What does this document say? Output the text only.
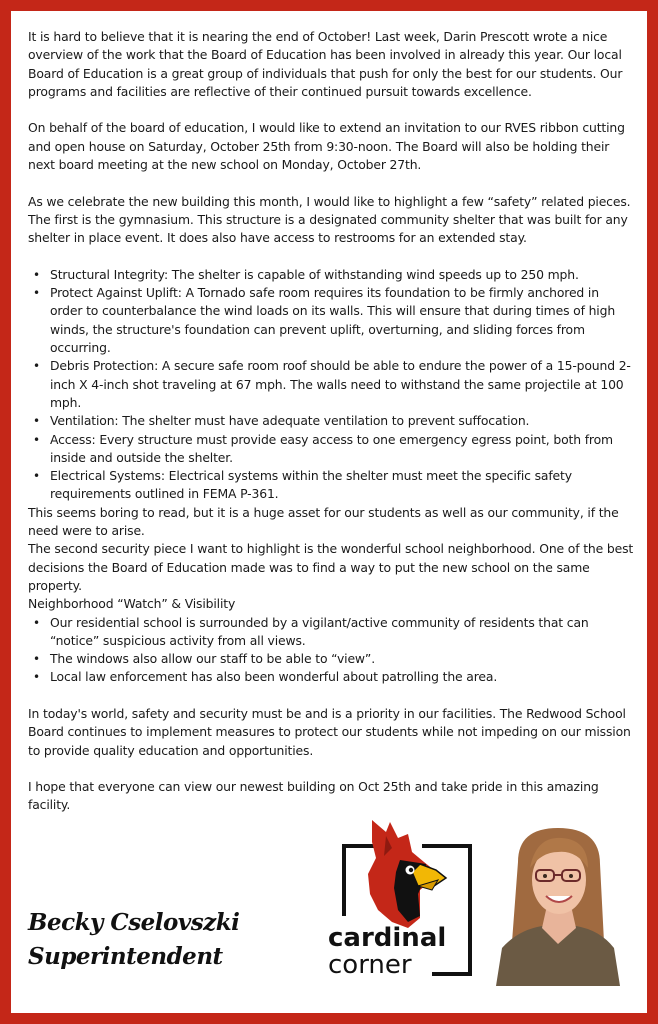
It is hard to believe that it is nearing the end of October! Last week, Darin Prescott wrote a nice overview of the work that the Board of Education has been involved in already this year. Our local Board of Education is a great group of individuals that push for only the best for our students. Our programs and facilities are reflective of their continued pursuit towards excellence.

On behalf of the board of education, I would like to extend an invitation to our RVES ribbon cutting and open house on Saturday, October 25th from 9:30-noon. The Board will also be holding their next board meeting at the new school on Monday, October 27th.

As we celebrate the new building this month, I would like to highlight a few “safety” related pieces. The first is the gymnasium. This structure is a designated community shelter that was built for any shelter in place event. It does also have access to restrooms for an extended stay.

• Structural Integrity: The shelter is capable of withstanding wind speeds up to 250 mph.
• Protect Against Uplift: A Tornado safe room requires its foundation to be firmly anchored in order to counterbalance the wind loads on its walls. This will ensure that during times of high winds, the structure's foundation can prevent uplift, overturning, and sliding forces from occurring.
• Debris Protection: A secure safe room roof should be able to endure the power of a 15-pound 2-inch X 4-inch shot traveling at 67 mph. The walls need to withstand the same projectile at 100 mph.
• Ventilation: The shelter must have adequate ventilation to prevent suffocation.
• Access: Every structure must provide easy access to one emergency egress point, both from inside and outside the shelter.
• Electrical Systems: Electrical systems within the shelter must meet the specific safety requirements outlined in FEMA P-361.

This seems boring to read, but it is a huge asset for our students as well as our community, if the need were to arise.

The second security piece I want to highlight is the wonderful school neighborhood. One of the best decisions the Board of Education made was to find a way to put the new school on the same property.

Neighborhood “Watch” & Visibility

• Our residential school is surrounded by a vigilant/active community of residents that can “notice” suspicious activity from all views.
• The windows also allow our staff to be able to “view”.
• Local law enforcement has also been wonderful about patrolling the area.

In today's world, safety and security must be and is a priority in our facilities. The Redwood School Board continues to implement measures to protect our students while not impeding on our mission to provide quality education and opportunities.

I hope that everyone can view our newest building on Oct 25th and take pride in this amazing facility.

Becky Cselovszki
Superintendent
cardinal
corner
